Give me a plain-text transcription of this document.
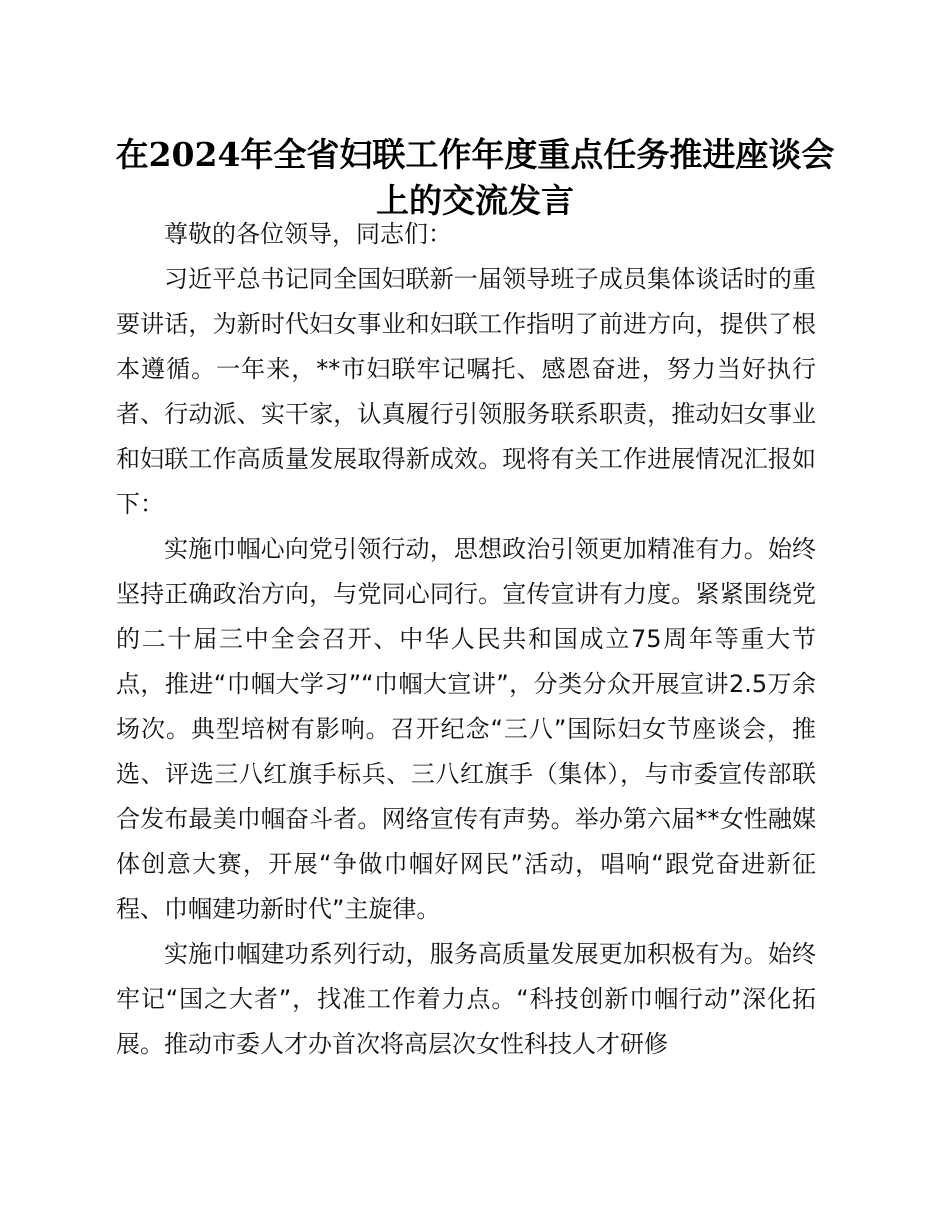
在2024年全省妇联工作年度重点任务推进座谈会上的交流发言

尊敬的各位领导，同志们：

习近平总书记同全国妇联新一届领导班子成员集体谈话时的重要讲话，为新时代妇女事业和妇联工作指明了前进方向，提供了根本遵循。一年来，**市妇联牢记嘱托、感恩奋进，努力当好执行者、行动派、实干家，认真履行引领服务联系职责，推动妇女事业和妇联工作高质量发展取得新成效。现将有关工作进展情况汇报如下：

实施巾帼心向党引领行动，思想政治引领更加精准有力。始终坚持正确政治方向，与党同心同行。宣传宣讲有力度。紧紧围绕党的二十届三中全会召开、中华人民共和国成立75周年等重大节点，推进“巾帼大学习”“巾帼大宣讲”，分类分众开展宣讲2.5万余场次。典型培树有影响。召开纪念“三八”国际妇女节座谈会，推选、评选三八红旗手标兵、三八红旗手（集体），与市委宣传部联合发布最美巾帼奋斗者。网络宣传有声势。举办第六届**女性融媒体创意大赛，开展“争做巾帼好网民”活动，唱响“跟党奋进新征程、巾帼建功新时代”主旋律。

实施巾帼建功系列行动，服务高质量发展更加积极有为。始终牢记“国之大者”，找准工作着力点。“科技创新巾帼行动”深化拓展。推动市委人才办首次将高层次女性科技人才研修
